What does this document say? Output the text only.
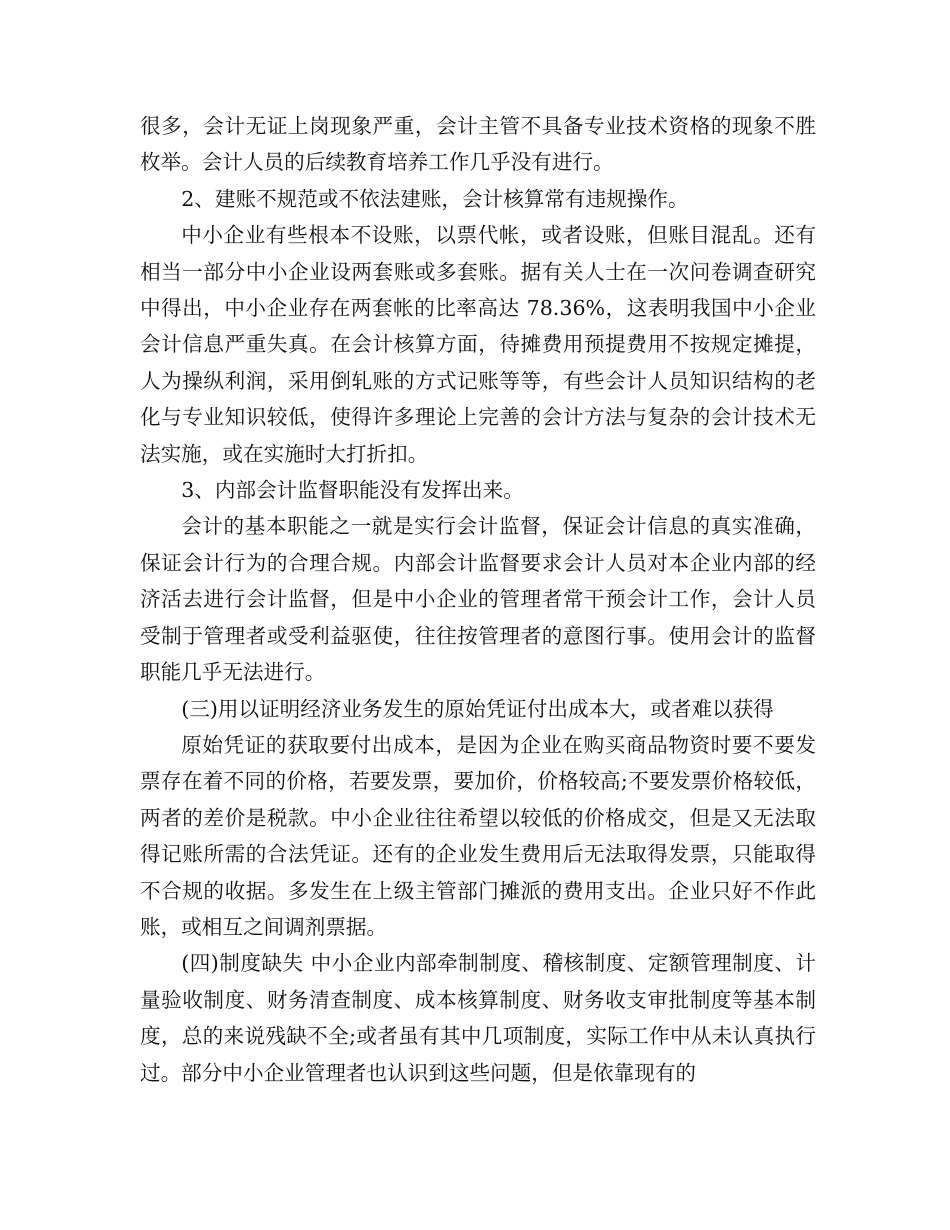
很多，会计无证上岗现象严重，会计主管不具备专业技术资格的现象不胜枚举。会计人员的后续教育培养工作几乎没有进行。

2、建账不规范或不依法建账，会计核算常有违规操作。

中小企业有些根本不设账，以票代帐，或者设账，但账目混乱。还有相当一部分中小企业设两套账或多套账。据有关人士在一次问卷调查研究中得出，中小企业存在两套帐的比率高达 78.36%，这表明我国中小企业会计信息严重失真。在会计核算方面，待摊费用预提费用不按规定摊提，人为操纵利润，采用倒轧账的方式记账等等，有些会计人员知识结构的老化与专业知识较低，使得许多理论上完善的会计方法与复杂的会计技术无法实施，或在实施时大打折扣。

3、内部会计监督职能没有发挥出来。

会计的基本职能之一就是实行会计监督，保证会计信息的真实准确，保证会计行为的合理合规。内部会计监督要求会计人员对本企业内部的经济活去进行会计监督，但是中小企业的管理者常干预会计工作，会计人员受制于管理者或受利益驱使，往往按管理者的意图行事。使用会计的监督职能几乎无法进行。

(三)用以证明经济业务发生的原始凭证付出成本大，或者难以获得

原始凭证的获取要付出成本，是因为企业在购买商品物资时要不要发票存在着不同的价格，若要发票，要加价，价格较高;不要发票价格较低，两者的差价是税款。中小企业往往希望以较低的价格成交，但是又无法取得记账所需的合法凭证。还有的企业发生费用后无法取得发票，只能取得不合规的收据。多发生在上级主管部门摊派的费用支出。企业只好不作此账，或相互之间调剂票据。

(四)制度缺失 中小企业内部牵制制度、稽核制度、定额管理制度、计量验收制度、财务清查制度、成本核算制度、财务收支审批制度等基本制度，总的来说残缺不全;或者虽有其中几项制度，实际工作中从未认真执行过。部分中小企业管理者也认识到这些问题，但是依靠现有的
